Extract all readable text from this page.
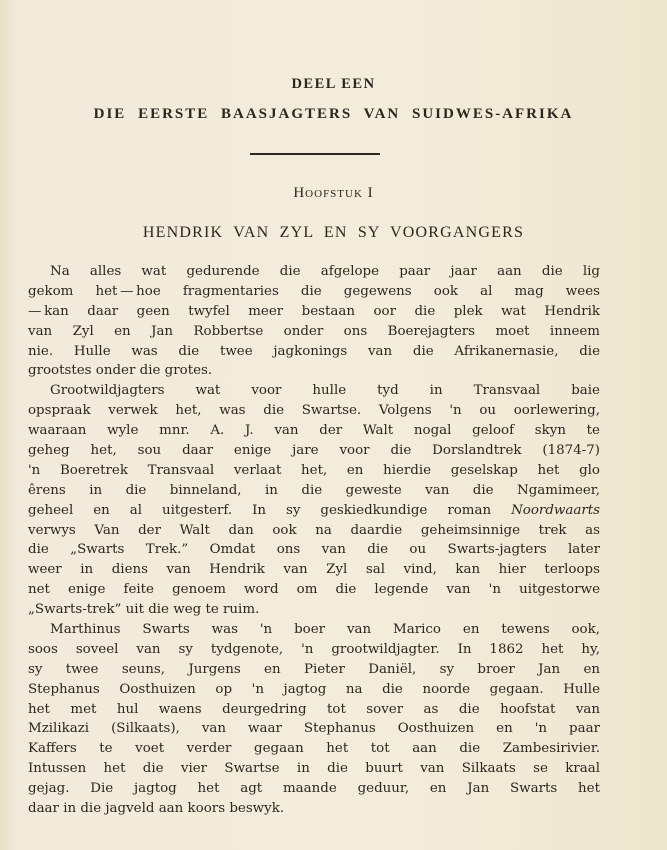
DEEL EEN
DIE EERSTE BAASJAGTERS VAN SUIDWES-AFRIKA
Hoofstuk I
HENDRIK VAN ZYL EN SY VOORGANGERS
Na alles wat gedurende die afgelope paar jaar aan die lig
gekom het — hoe fragmentaries die gegewens ook al mag wees
— kan daar geen twyfel meer bestaan oor die plek wat Hendrik
van Zyl en Jan Robbertse onder ons Boerejagters moet inneem
nie. Hulle was die twee jagkonings van die Afrikanernasie, die
grootstes onder die grotes.
Grootwildjagters wat voor hulle tyd in Transvaal baie
opspraak verwek het, was die Swartse. Volgens 'n ou oorlewering,
waaraan wyle mnr. A. J. van der Walt nogal geloof skyn te
geheg het, sou daar enige jare voor die Dorslandtrek (1874-7)
'n Boeretrek Transvaal verlaat het, en hierdie geselskap het glo
êrens in die binneland, in die geweste van die Ngamimeer,
geheel en al uitgesterf. In sy geskiedkundige roman Noordwaarts
verwys Van der Walt dan ook na daardie geheimsinnige trek as
die „Swarts Trek.” Omdat ons van die ou Swarts-jagters later
weer in diens van Hendrik van Zyl sal vind, kan hier terloops
net enige feite genoem word om die legende van 'n uitgestorwe
„Swarts-trek” uit die weg te ruim.
Marthinus Swarts was 'n boer van Marico en tewens ook,
soos soveel van sy tydgenote, 'n grootwildjagter. In 1862 het hy,
sy twee seuns, Jurgens en Pieter Daniël, sy broer Jan en
Stephanus Oosthuizen op 'n jagtog na die noorde gegaan. Hulle
het met hul waens deurgedring tot sover as die hoofstat van
Mzilikazi (Silkaats), van waar Stephanus Oosthuizen en 'n paar
Kaffers te voet verder gegaan het tot aan die Zambesirivier.
Intussen het die vier Swartse in die buurt van Silkaats se kraal
gejag. Die jagtog het agt maande geduur, en Jan Swarts het
daar in die jagveld aan koors beswyk.
